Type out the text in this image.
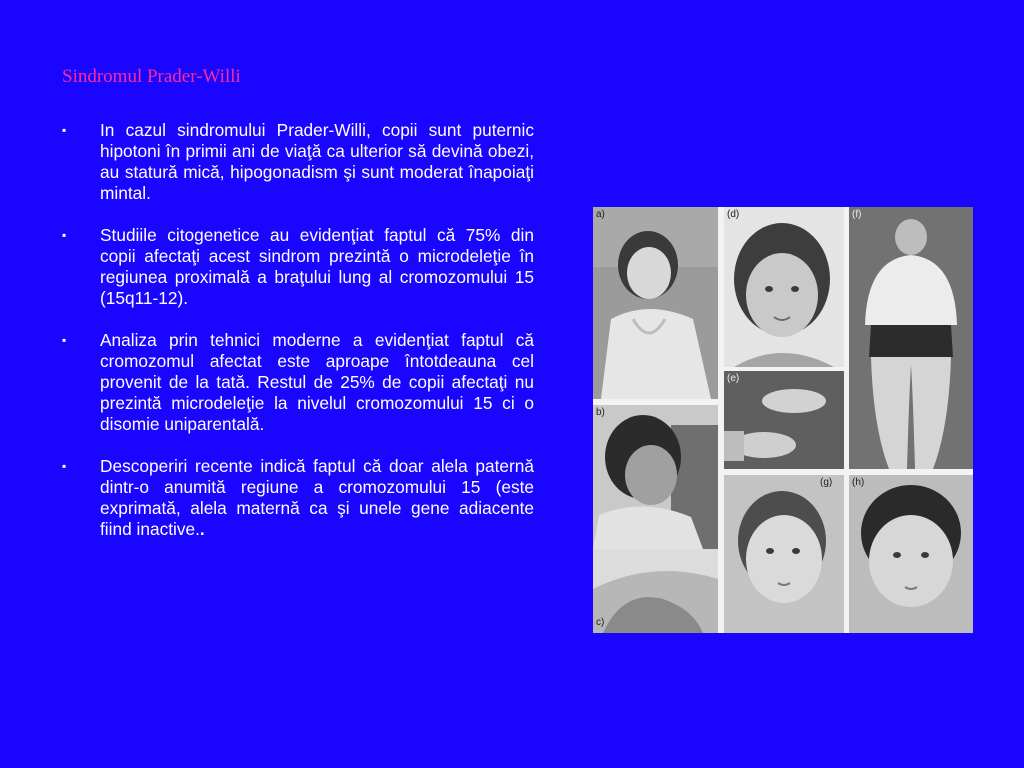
Sindromul Prader-Willi
▪ In cazul sindromului Prader-Willi, copii sunt puternic hipotoni în primii ani de viaţă ca ulterior să devină obezi, au statură mică, hipogonadism şi sunt moderat înapoiaţi mintal.
▪ Studiile citogenetice au evidenţiat faptul că 75% din copii afectaţi acest sindrom prezintă o microdeleţie în regiunea proximală a braţului lung al cromozomului 15 (15q11-12).
▪ Analiza prin tehnici moderne a evidenţiat faptul că cromozomul afectat este aproape întotdeauna cel provenit de la tată. Restul de 25% de copii afectaţi nu prezintă microdeleţie la nivelul cromozomului 15 ci o disomie uniparentală.
▪ Descoperiri recente indică faptul că doar alela paternă dintr-o anumită regiune a cromozomului 15 (este exprimată, alela maternă ca şi unele gene adiacente fiind inactive..
a)
b)
c)
(d)
(e)
(f)
(g) (h)
